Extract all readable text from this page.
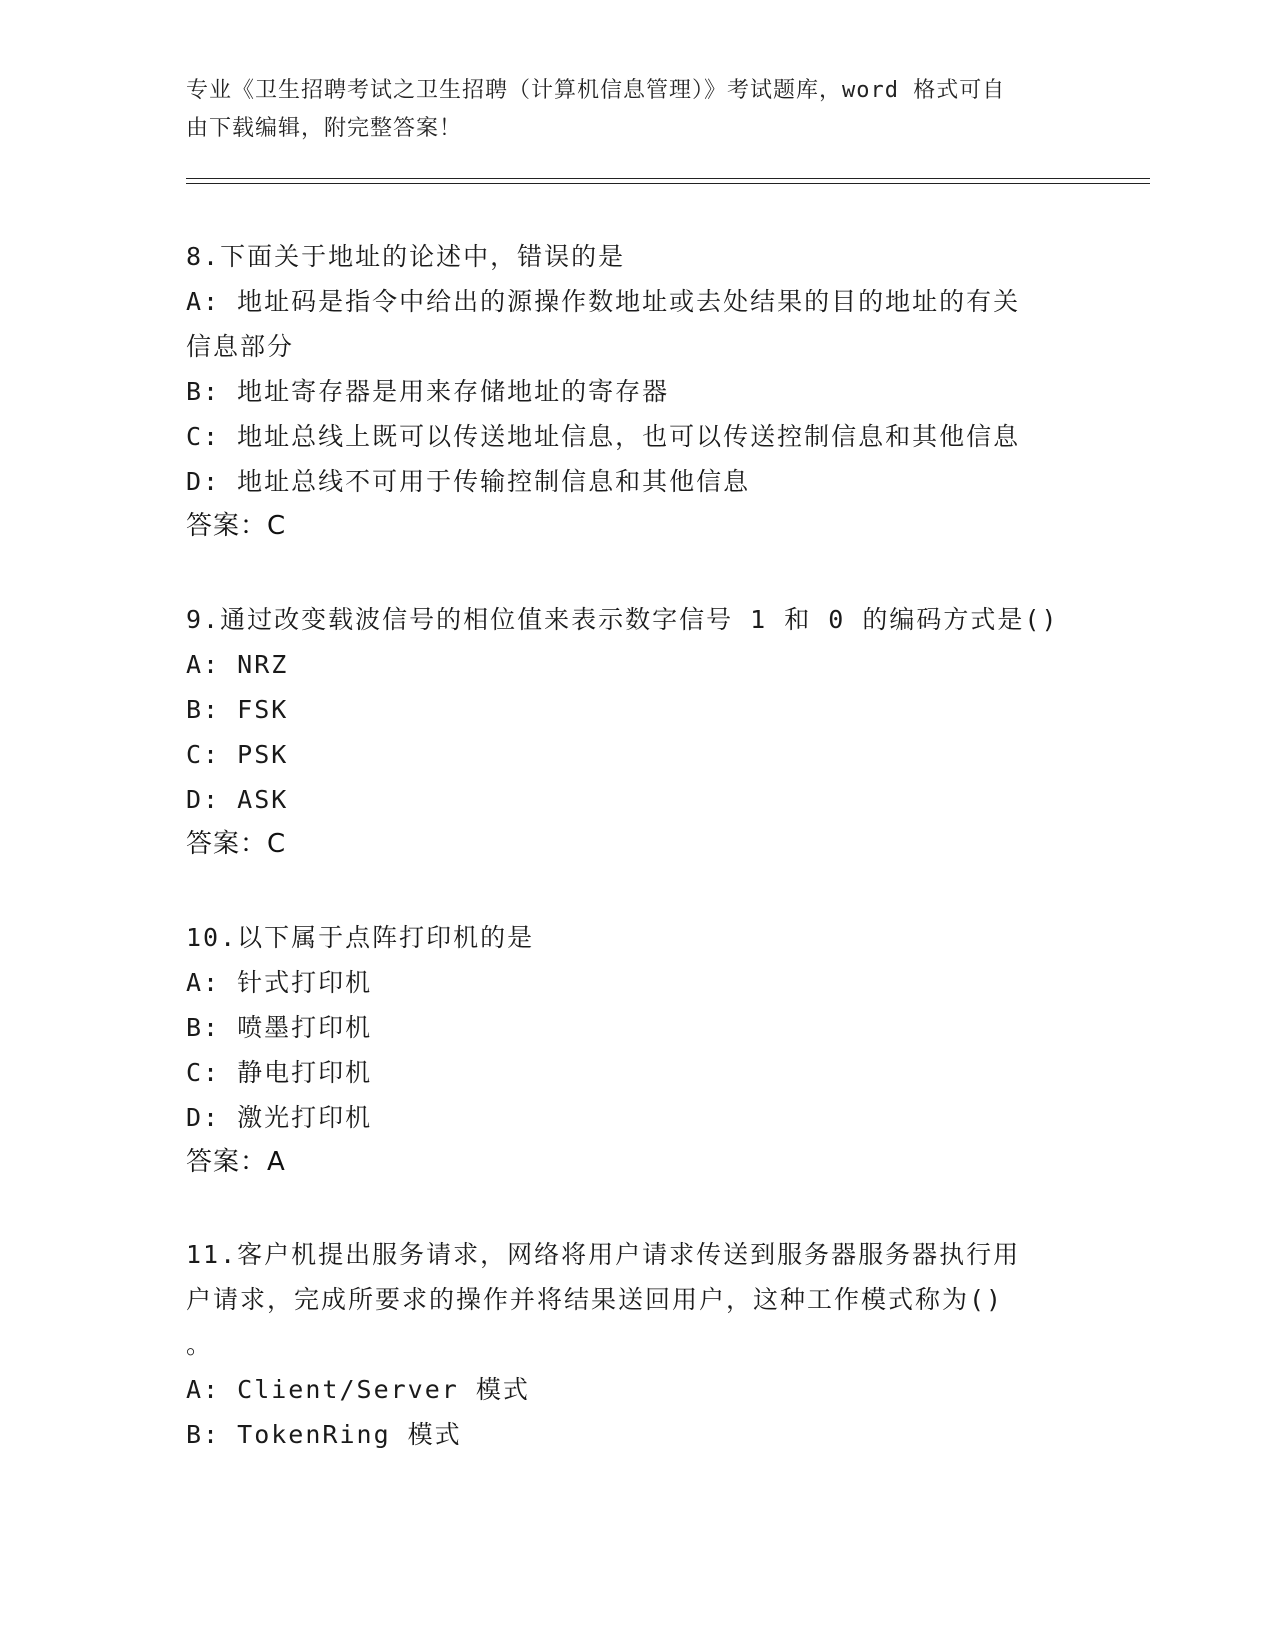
专业《卫生招聘考试之卫生招聘（计算机信息管理）》考试题库，word 格式可自
由下载编辑，附完整答案！
8.下面关于地址的论述中，错误的是
A: 地址码是指令中给出的源操作数地址或去处结果的目的地址的有关
信息部分
B: 地址寄存器是用来存储地址的寄存器
C: 地址总线上既可以传送地址信息，也可以传送控制信息和其他信息
D: 地址总线不可用于传输控制信息和其他信息
答案：C
9.通过改变载波信号的相位值来表示数字信号 1 和 0 的编码方式是()
A: NRZ
B: FSK
C: PSK
D: ASK
答案：C
10.以下属于点阵打印机的是
A: 针式打印机
B: 喷墨打印机
C: 静电打印机
D: 激光打印机
答案：A
11.客户机提出服务请求，网络将用户请求传送到服务器服务器执行用
户请求，完成所要求的操作并将结果送回用户，这种工作模式称为()
。
A: Client/Server 模式
B: TokenRing 模式
